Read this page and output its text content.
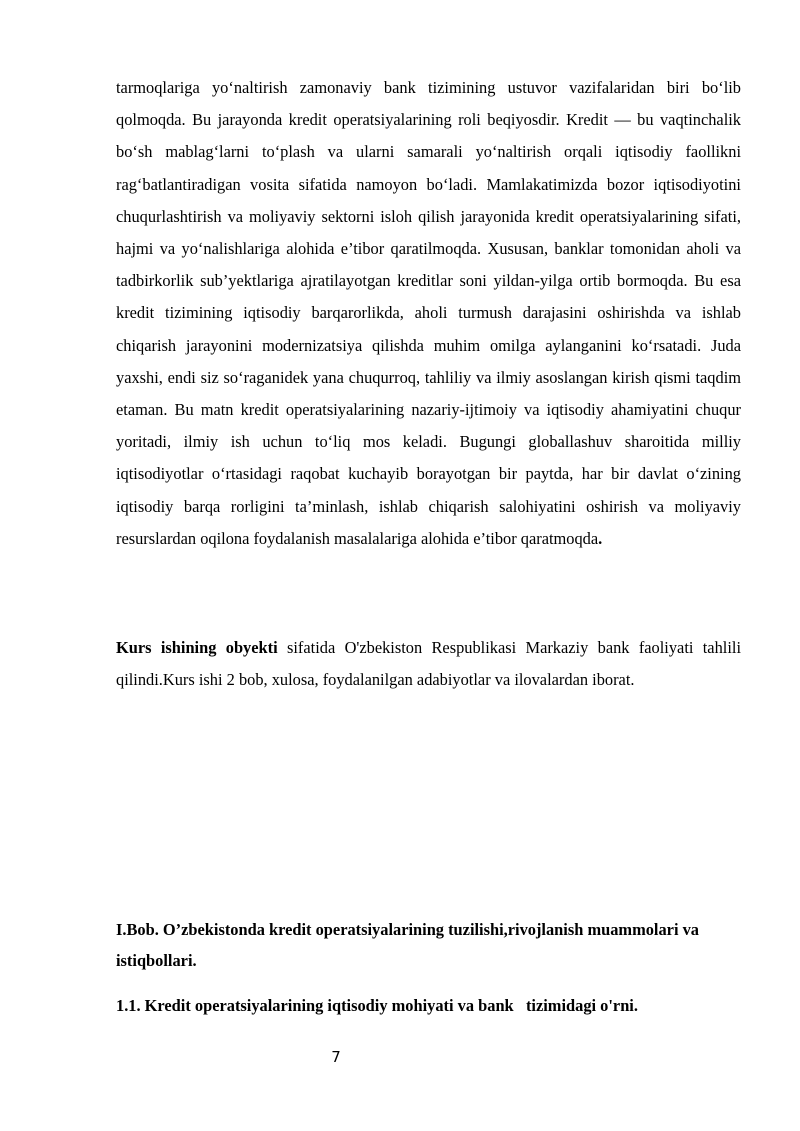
tarmoqlariga yo‘naltirish zamonaviy bank tizimining ustuvor vazifalaridan biri bo‘lib qolmoqda. Bu jarayonda kredit operatsiyalarining roli beqiyosdir. Kredit — bu vaqtinchalik bo‘sh mablag‘larni to‘plash va ularni samarali yo‘naltirish orqali iqtisodiy faollikni rag‘batlantiradigan vosita sifatida namoyon bo‘ladi. Mamlakatimizda bozor iqtisodiyotini chuqurlashtirish va moliyaviy sektorni isloh qilish jarayonida kredit operatsiyalarining sifati, hajmi va yo‘nalishlariga alohida e’tibor qaratilmoqda. Xususan, banklar tomonidan aholi va tadbirkorlik sub’yektlariga ajratilayotgan kreditlar soni yildan-yilga ortib bormoqda. Bu esa kredit tizimining iqtisodiy barqarorlikda, aholi turmush darajasini oshirishda va ishlab chiqarish jarayonini modernizatsiya qilishda muhim omilga aylanganini ko‘rsatadi. Juda yaxshi, endi siz so‘raganidek yana chuqurroq, tahliliy va ilmiy asoslangan kirish qismi taqdim etaman. Bu matn kredit operatsiyalarining nazariy-ijtimoiy va iqtisodiy ahamiyatini chuqur yoritadi, ilmiy ish uchun to‘liq mos keladi. Bugungi globallashuv sharoitida milliy iqtisodiyotlar o‘rtasidagi raqobat kuchayib borayotgan bir paytda, har bir davlat o‘zining iqtisodiy barqa rorligini ta’minlash, ishlab chiqarish salohiyatini oshirish va moliyaviy resurslardan oqilona foydalanish masalalariga alohida e’tibor qaratmoqda.

Kurs ishining obyekti sifatida O'zbekiston Respublikasi Markaziy bank faoliyati tahlili qilindi.Kurs ishi 2 bob, xulosa, foydalanilgan adabiyotlar va ilovalardan iborat.

I.Bob. O’zbekistonda kredit operatsiyalarining tuzilishi,rivojlanish muammolari va istiqbollari.

1.1. Kredit operatsiyalarining iqtisodiy mohiyati va bank   tizimidagi o'rni.

7
